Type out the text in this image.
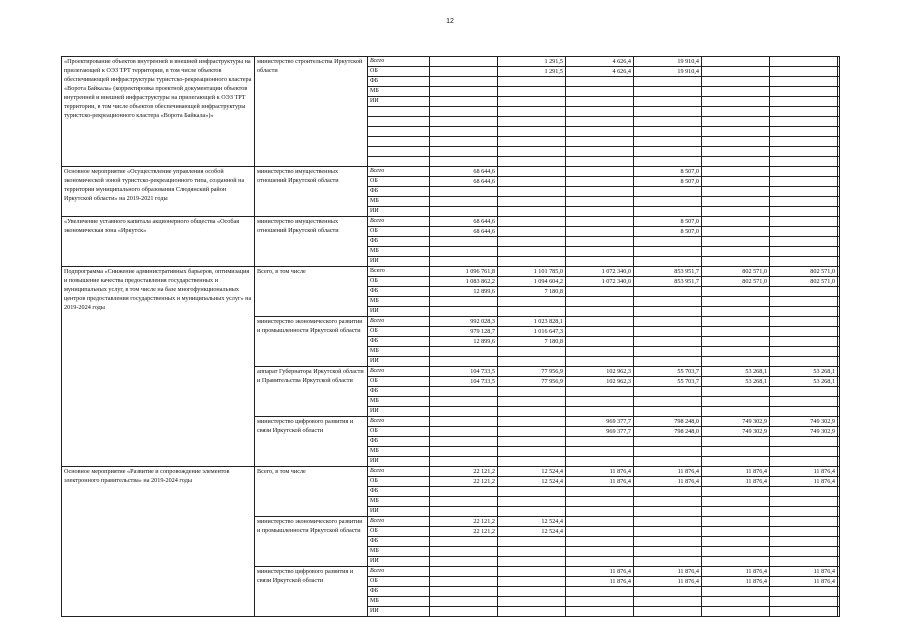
12
«Проектирование объектов внутренней и внешней инфраструктуры на прилегающей к ОЭЗ ТРТ территории, в том числе объектов обеспечивающей инфраструктуры туристско-рекреационного кластера «Ворота Байкала» (корректировка проектной документации объектов внутренней и внешней инфраструктуры на прилегающей к ОЭЗ ТРТ территории, в том числе объектов обеспечивающей инфраструктуры туристско-рекреационного кластера «Ворота Байкала»)»	министерство строительства Иркутской области	Всего		1 291,5	4 626,4	19 910,4				
		ОБ		1 291,5	4 626,4	19 910,4				
		ФБ								
		МБ								
		ИИ								

Основное мероприятие «Осуществление управления особой экономической зоной туристско-рекреационного типа, созданной на территории муниципального образования Слюдянский район Иркутской области» на 2019-2021 годы	министерство имущественных отношений Иркутской области	Всего	68 644,6			8 507,0				
		ОБ	68 644,6			8 507,0				
		ФБ								
		МБ								
		ИИ								
«Увеличение уставного капитала акционерного общества «Особая экономическая зона «Иркутск»	министерство имущественных отношений Иркутской области	Всего	68 644,6			8 507,0				
		ОБ	68 644,6			8 507,0				
		ФБ								
		МБ								
		ИИ								
Подпрограмма «Снижение административных барьеров, оптимизация и повышение качества предоставления государственных и муниципальных услуг, в том числе на базе многофункциональных центров предоставления государственных и муниципальных услуг» на 2019-2024 годы	Всего, в том числе	Всего	1 096 761,8	1 101 785,0	1 072 340,0	853 951,7	802 571,0	802 571,0		
		ОБ	1 083 862,2	1 094 604,2	1 072 340,0	853 951,7	802 571,0	802 571,0		
		ФБ	12 899,6	7 180,8						
		МБ								
		ИИ								
	министерство экономического развития и промышленности Иркутской области	Всего	992 028,3	1 023 828,1						
		ОБ	979 128,7	1 016 647,3						
		ФБ	12 899,6	7 180,8						
		МБ								
		ИИ								
	аппарат Губернатора Иркутской области и Правительства Иркутской области	Всего	104 733,5	77 956,9	102 962,3	55 703,7	53 268,1	53 268,1		
		ОБ	104 733,5	77 956,9	102 962,3	55 703,7	53 268,1	53 268,1		
		ФБ								
		МБ								
		ИИ								
	министерство цифрового развития и связи Иркутской области	Всего			969 377,7	798 248,0	749 302,9	749 302,9		
		ОБ			969 377,7	798 248,0	749 302,9	749 302,9		
		ФБ								
		МБ								
		ИИ								
Основное мероприятие «Развитие и сопровождение элементов электронного правительства» на 2019-2024 годы	Всего, в том числе	Всего	22 121,2	12 524,4	11 876,4	11 876,4	11 876,4	11 876,4		
		ОБ	22 121,2	12 524,4	11 876,4	11 876,4	11 876,4	11 876,4		
		ФБ								
		МБ								
		ИИ								
	министерство экономического развития и промышленности Иркутской области	Всего	22 121,2	12 524,4						
		ОБ	22 121,2	12 524,4						
		ФБ								
		МБ								
		ИИ								
	министерство цифрового развития и связи Иркутской области	Всего			11 876,4	11 876,4	11 876,4	11 876,4		
		ОБ			11 876,4	11 876,4	11 876,4	11 876,4		
		ФБ								
		МБ								
		ИИ								
